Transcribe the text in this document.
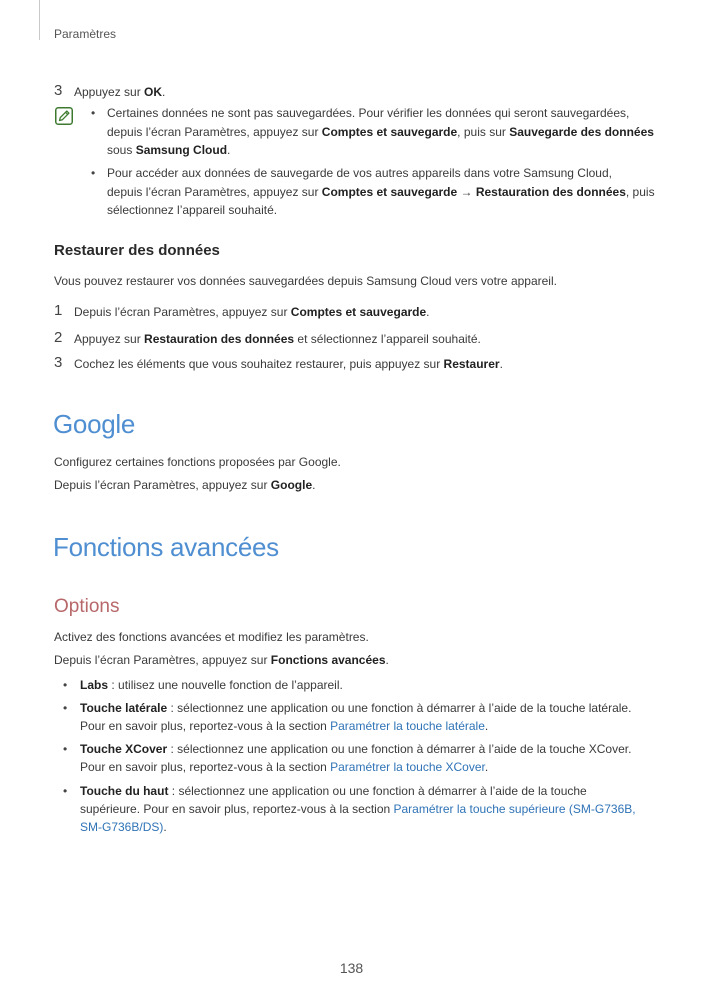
Paramètres
3 Appuyez sur OK.
• Certaines données ne sont pas sauvegardées. Pour vérifier les données qui seront sauvegardées,
depuis l’écran Paramètres, appuyez sur Comptes et sauvegarde, puis sur Sauvegarde des données
sous Samsung Cloud.
• Pour accéder aux données de sauvegarde de vos autres appareils dans votre Samsung Cloud,
depuis l’écran Paramètres, appuyez sur Comptes et sauvegarde → Restauration des données, puis
sélectionnez l’appareil souhaité.
Restaurer des données
Vous pouvez restaurer vos données sauvegardées depuis Samsung Cloud vers votre appareil.
1 Depuis l’écran Paramètres, appuyez sur Comptes et sauvegarde.
2 Appuyez sur Restauration des données et sélectionnez l’appareil souhaité.
3 Cochez les éléments que vous souhaitez restaurer, puis appuyez sur Restaurer.
Google
Configurez certaines fonctions proposées par Google.
Depuis l’écran Paramètres, appuyez sur Google.
Fonctions avancées
Options
Activez des fonctions avancées et modifiez les paramètres.
Depuis l’écran Paramètres, appuyez sur Fonctions avancées.
• Labs : utilisez une nouvelle fonction de l’appareil.
• Touche latérale : sélectionnez une application ou une fonction à démarrer à l’aide de la touche latérale.
Pour en savoir plus, reportez-vous à la section Paramétrer la touche latérale.
• Touche XCover : sélectionnez une application ou une fonction à démarrer à l’aide de la touche XCover.
Pour en savoir plus, reportez-vous à la section Paramétrer la touche XCover.
• Touche du haut : sélectionnez une application ou une fonction à démarrer à l’aide de la touche
supérieure. Pour en savoir plus, reportez-vous à la section Paramétrer la touche supérieure (SM-G736B,
SM-G736B/DS).
138
